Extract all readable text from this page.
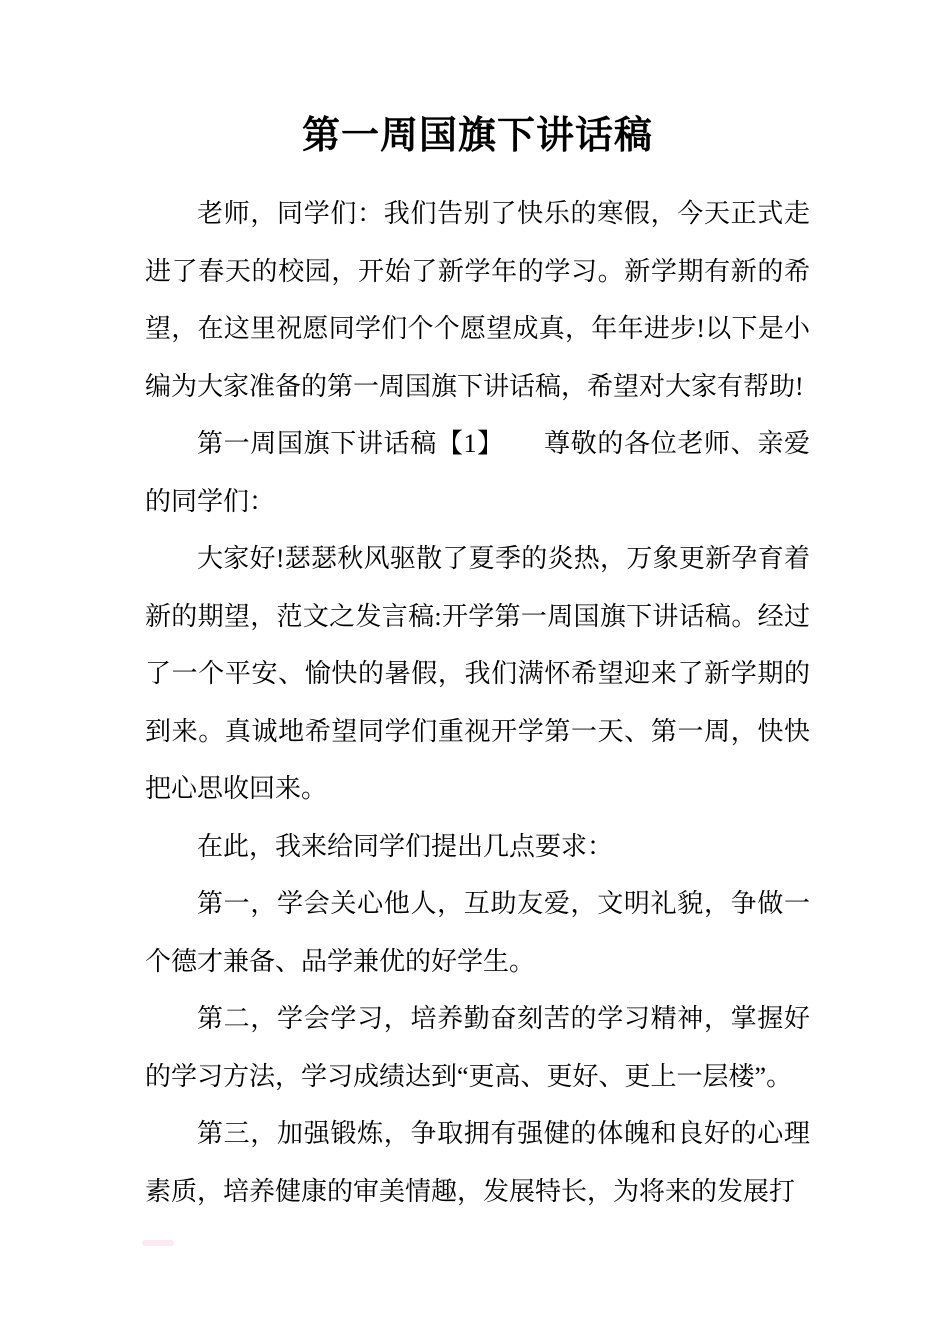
第一周国旗下讲话稿

老师，同学们：我们告别了快乐的寒假，今天正式走进了春天的校园，开始了新学年的学习。新学期有新的希望，在这里祝愿同学们个个愿望成真，年年进步!以下是小编为大家准备的第一周国旗下讲话稿，希望对大家有帮助!

第一周国旗下讲话稿【1】　　尊敬的各位老师、亲爱的同学们：

大家好!瑟瑟秋风驱散了夏季的炎热，万象更新孕育着新的期望，范文之发言稿:开学第一周国旗下讲话稿。经过了一个平安、愉快的暑假，我们满怀希望迎来了新学期的到来。真诚地希望同学们重视开学第一天、第一周，快快把心思收回来。

在此，我来给同学们提出几点要求：

第一，学会关心他人，互助友爱，文明礼貌，争做一个德才兼备、品学兼优的好学生。

第二，学会学习，培养勤奋刻苦的学习精神，掌握好的学习方法，学习成绩达到“更高、更好、更上一层楼”。

第三，加强锻炼，争取拥有强健的体魄和良好的心理素质，培养健康的审美情趣，发展特长，为将来的发展打
